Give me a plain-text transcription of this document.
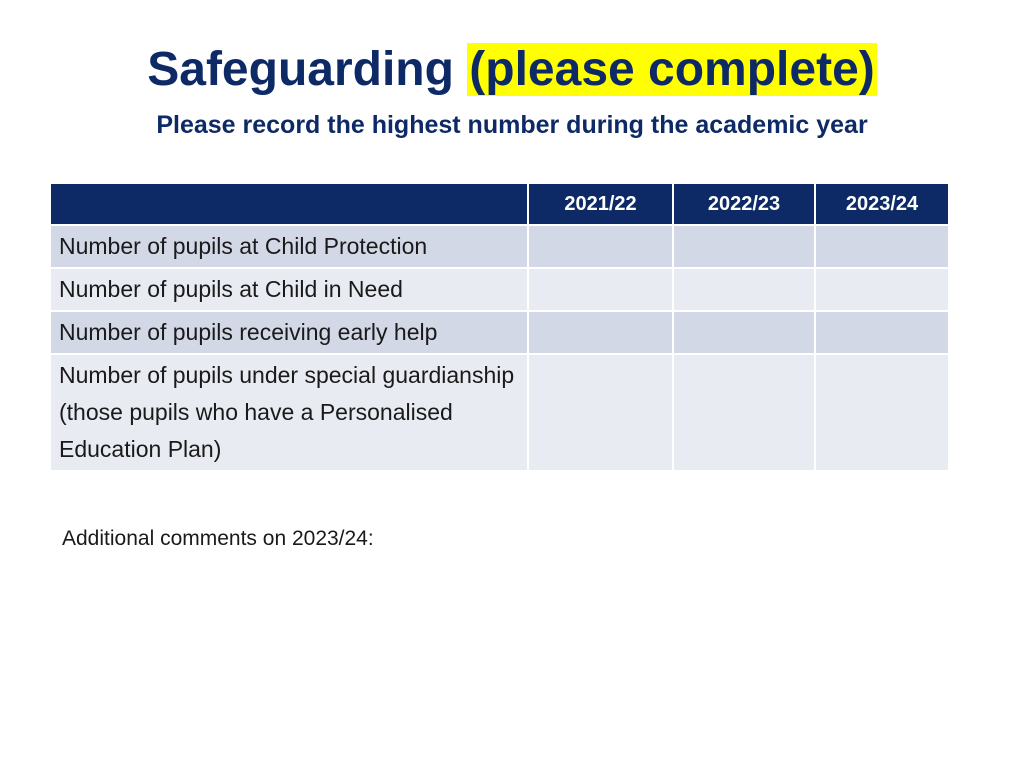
Safeguarding (please complete)
Please record the highest number during the academic year
	2021/22	2022/23	2023/24
Number of pupils at Child Protection			
Number of pupils at Child in Need			
Number of pupils receiving early help			
Number of pupils under special guardianship (those pupils who have a Personalised Education Plan)			
Additional comments on 2023/24:
